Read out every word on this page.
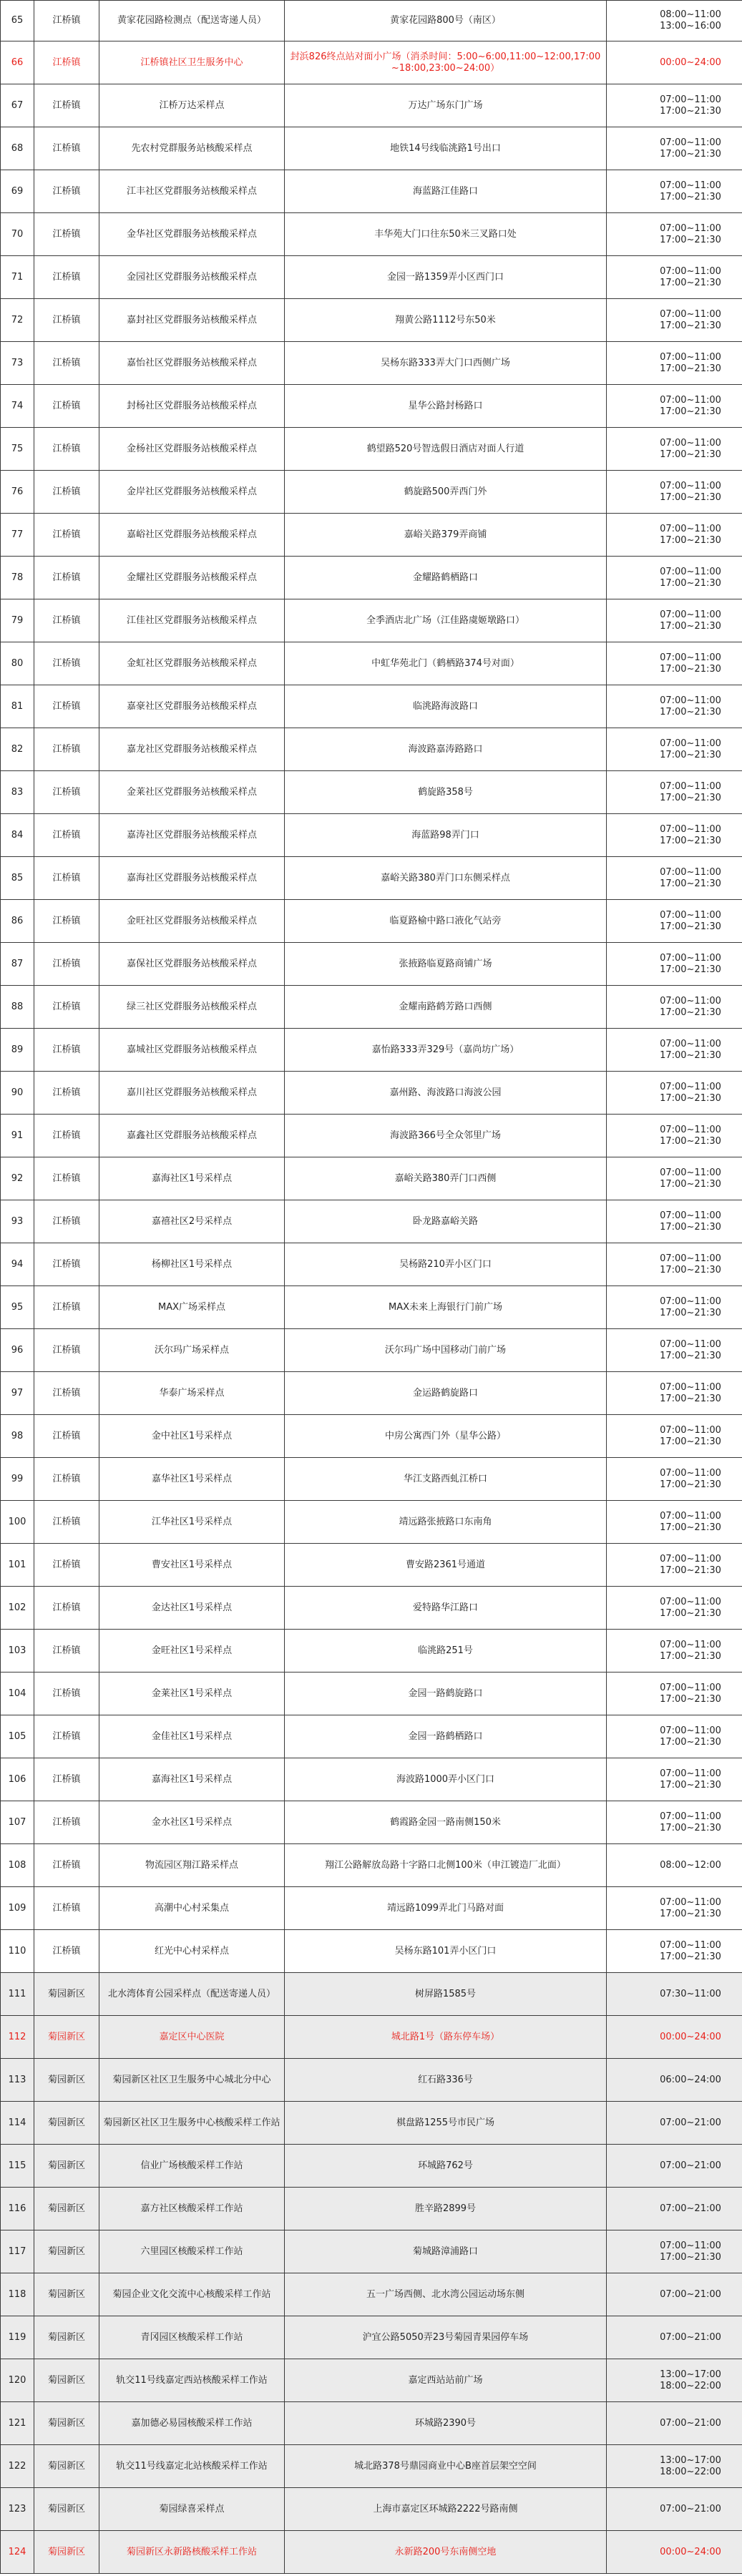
65	江桥镇	黄家花园路检测点（配送寄递人员）	黄家花园路800号（南区）	08:00~11:00
13:00~16:00

66	江桥镇	江桥镇社区卫生服务中心	封浜826终点站对面小广场（消杀时间：5:00~6:00,11:00~12:00,17:00~18:00,23:00~24:00）	00:00~24:00

67	江桥镇	江桥万达采样点	万达广场东门广场	07:00~11:00
17:00~21:30

68	江桥镇	先农村党群服务站核酸采样点	地铁14号线临洮路1号出口	07:00~11:00
17:00~21:30

69	江桥镇	江丰社区党群服务站核酸采样点	海蓝路江佳路口	07:00~11:00
17:00~21:30

70	江桥镇	金华社区党群服务站核酸采样点	丰华苑大门口往东50米三叉路口处	07:00~11:00
17:00~21:30

71	江桥镇	金园社区党群服务站核酸采样点	金园一路1359弄小区西门口	07:00~11:00
17:00~21:30

72	江桥镇	嘉封社区党群服务站核酸采样点	翔黄公路1112号东50米	07:00~11:00
17:00~21:30

73	江桥镇	嘉怡社区党群服务站核酸采样点	吴杨东路333弄大门口西侧广场	07:00~11:00
17:00~21:30

74	江桥镇	封杨社区党群服务站核酸采样点	星华公路封杨路口	07:00~11:00
17:00~21:30

75	江桥镇	金杨社区党群服务站核酸采样点	鹤望路520号智选假日酒店对面人行道	07:00~11:00
17:00~21:30

76	江桥镇	金岸社区党群服务站核酸采样点	鹤旋路500弄西门外	07:00~11:00
17:00~21:30

77	江桥镇	嘉峪社区党群服务站核酸采样点	嘉峪关路379弄商铺	07:00~11:00
17:00~21:30

78	江桥镇	金耀社区党群服务站核酸采样点	金耀路鹤栖路口	07:00~11:00
17:00~21:30

79	江桥镇	江佳社区党群服务站核酸采样点	全季酒店北广场（江佳路虞姬墩路口）	07:00~11:00
17:00~21:30

80	江桥镇	金虹社区党群服务站核酸采样点	中虹华苑北门（鹤栖路374号对面）	07:00~11:00
17:00~21:30

81	江桥镇	嘉豪社区党群服务站核酸采样点	临洮路海波路口	07:00~11:00
17:00~21:30

82	江桥镇	嘉龙社区党群服务站核酸采样点	海波路嘉涛路路口	07:00~11:00
17:00~21:30

83	江桥镇	金莱社区党群服务站核酸采样点	鹤旋路358号	07:00~11:00
17:00~21:30

84	江桥镇	嘉涛社区党群服务站核酸采样点	海蓝路98弄门口	07:00~11:00
17:00~21:30

85	江桥镇	嘉海社区党群服务站核酸采样点	嘉峪关路380弄门口东侧采样点	07:00~11:00
17:00~21:30

86	江桥镇	金旺社区党群服务站核酸采样点	临夏路榆中路口液化气站旁	07:00~11:00
17:00~21:30

87	江桥镇	嘉保社区党群服务站核酸采样点	张掖路临夏路商铺广场	07:00~11:00
17:00~21:30

88	江桥镇	绿三社区党群服务站核酸采样点	金耀南路鹤芳路口西侧	07:00~11:00
17:00~21:30

89	江桥镇	嘉城社区党群服务站核酸采样点	嘉怡路333弄329号（嘉尚坊广场）	07:00~11:00
17:00~21:30

90	江桥镇	嘉川社区党群服务站核酸采样点	嘉州路、海波路口海波公园	07:00~11:00
17:00~21:30

91	江桥镇	嘉鑫社区党群服务站核酸采样点	海波路366号全众邻里广场	07:00~11:00
17:00~21:30

92	江桥镇	嘉海社区1号采样点	嘉峪关路380弄门口西侧	07:00~11:00
17:00~21:30

93	江桥镇	嘉禧社区2号采样点	卧龙路嘉峪关路	07:00~11:00
17:00~21:30

94	江桥镇	杨柳社区1号采样点	吴杨路210弄小区门口	07:00~11:00
17:00~21:30

95	江桥镇	MAX广场采样点	MAX未来上海银行门前广场	07:00~11:00
17:00~21:30

96	江桥镇	沃尔玛广场采样点	沃尔玛广场中国移动门前广场	07:00~11:00
17:00~21:30

97	江桥镇	华泰广场采样点	金运路鹤旋路口	07:00~11:00
17:00~21:30

98	江桥镇	金中社区1号采样点	中房公寓西门外（星华公路）	07:00~11:00
17:00~21:30

99	江桥镇	嘉华社区1号采样点	华江支路西虬江桥口	07:00~11:00
17:00~21:30

100	江桥镇	江华社区1号采样点	靖远路张掖路口东南角	07:00~11:00
17:00~21:30

101	江桥镇	曹安社区1号采样点	曹安路2361号通道	07:00~11:00
17:00~21:30

102	江桥镇	金达社区1号采样点	爱特路华江路口	07:00~11:00
17:00~21:30

103	江桥镇	金旺社区1号采样点	临洮路251号	07:00~11:00
17:00~21:30

104	江桥镇	金莱社区1号采样点	金园一路鹤旋路口	07:00~11:00
17:00~21:30

105	江桥镇	金佳社区1号采样点	金园一路鹤栖路口	07:00~11:00
17:00~21:30

106	江桥镇	嘉海社区1号采样点	海波路1000弄小区门口	07:00~11:00
17:00~21:30

107	江桥镇	金水社区1号采样点	鹤霞路金园一路南侧150米	07:00~11:00
17:00~21:30

108	江桥镇	物流园区翔江路采样点	翔江公路解放岛路十字路口北侧100米（申江镀造厂北面）	08:00~12:00

109	江桥镇	高潮中心村采集点	靖远路1099弄北门马路对面	07:00~11:00
17:00~21:30

110	江桥镇	红光中心村采样点	吴杨东路101弄小区门口	07:00~11:00
17:00~21:30

111	菊园新区	北水湾体育公园采样点（配送寄递人员）	树屏路1585号	07:30~11:00

112	菊园新区	嘉定区中心医院	城北路1号（路东停车场）	00:00~24:00

113	菊园新区	菊园新区社区卫生服务中心城北分中心	红石路336号	06:00~24:00

114	菊园新区	菊园新区社区卫生服务中心核酸采样工作站	棋盘路1255号市民广场	07:00~21:00

115	菊园新区	信业广场核酸采样工作站	环城路762号	07:00~21:00

116	菊园新区	嘉方社区核酸采样工作站	胜辛路2899号	07:00~21:00

117	菊园新区	六里园区核酸采样工作站	菊城路漳浦路口	07:00~11:00
17:00~21:30

118	菊园新区	菊园企业文化交流中心核酸采样工作站	五一广场西侧、北水湾公园运动场东侧	07:00~21:00

119	菊园新区	青冈园区核酸采样工作站	沪宜公路5050弄23号菊园青果园停车场	07:00~21:00

120	菊园新区	轨交11号线嘉定西站核酸采样工作站	嘉定西站站前广场	13:00~17:00
18:00~22:00

121	菊园新区	嘉加德必易园核酸采样工作站	环城路2390号	07:00~21:00

122	菊园新区	轨交11号线嘉定北站核酸采样工作站	城北路378号鼎园商业中心B座首层架空空间	13:00~17:00
18:00~22:00

123	菊园新区	菊园绿喜采样点	上海市嘉定区环城路2222号路南侧	07:00~21:00

124	菊园新区	菊园新区永新路核酸采样工作站	永新路200号东南侧空地	00:00~24:00
